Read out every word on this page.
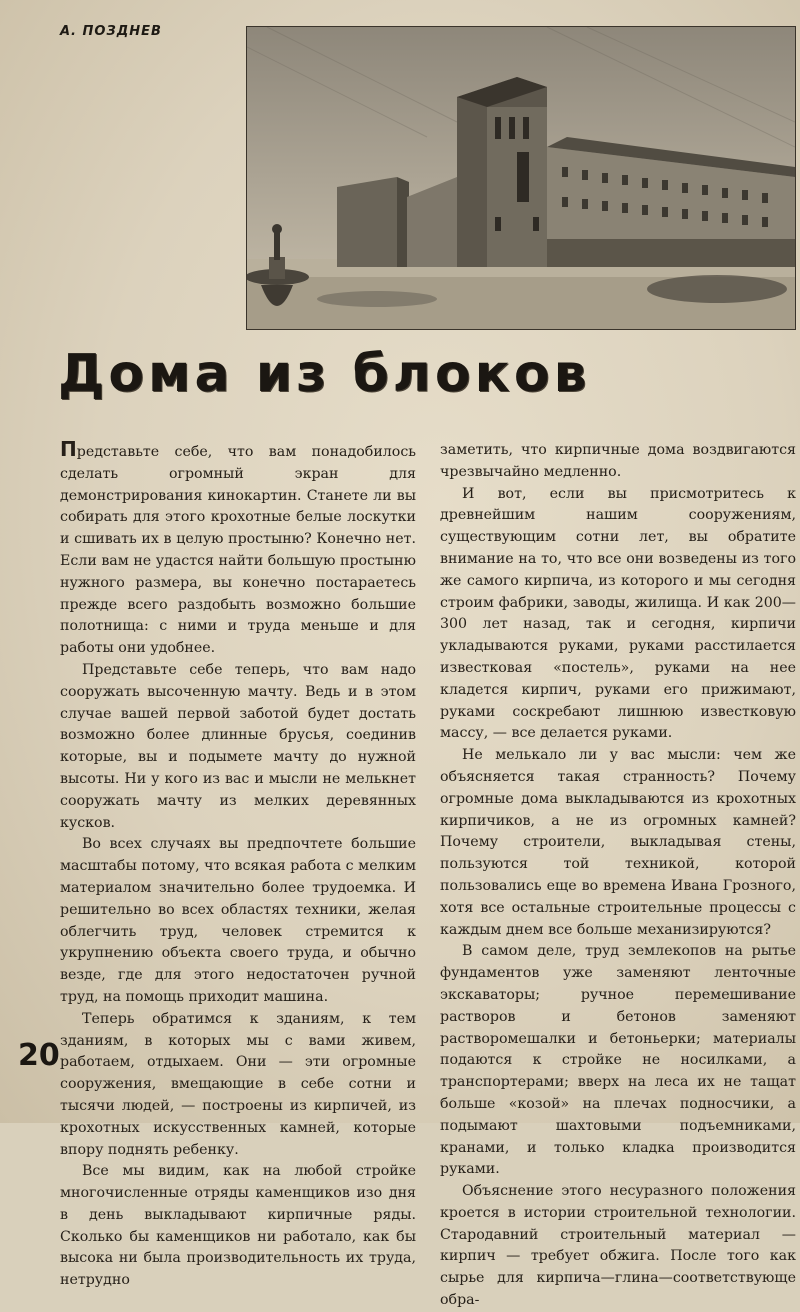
А. ПОЗДНЕВ
Дома из блоков

Представьте себе, что вам понадобилось сделать огромный экран для демонстрирования кинокартин. Станете ли вы собирать для этого крохотные белые лоскутки и сшивать их в целую простыню? Конечно нет. Если вам не удастся найти большую простыню нужного размера, вы конечно постараетесь прежде всего раздобыть возможно большие полотнища: с ними и труда меньше и для работы они удобнее.

Представьте себе теперь, что вам надо сооружать высоченную мачту. Ведь и в этом случае вашей первой заботой будет достать возможно более длинные брусья, соединив которые, вы и подымете мачту до нужной высоты. Ни у кого из вас и мысли не мелькнет сооружать мачту из мелких деревянных кусков.

Во всех случаях вы предпочтете большие масштабы потому, что всякая работа с мелким материалом значительно более трудоемка. И решительно во всех областях техники, желая облегчить труд, человек стремится к укрупнению объекта своего труда, и обычно везде, где для этого недостаточен ручной труд, на помощь приходит машина.

Теперь обратимся к зданиям, к тем зданиям, в которых мы с вами живем, работаем, отдыхаем. Они — эти огромные сооружения, вмещающие в себе сотни и тысячи людей, — построены из кирпичей, из крохотных искусственных камней, которые впору поднять ребенку.

Все мы видим, как на любой стройке многочисленные отряды каменщиков изо дня в день выкладывают кирпичные ряды. Сколько бы каменщиков ни работало, как бы высока ни была производительность их труда, нетрудно

заметить, что кирпичные дома воздвигаются чрезвычайно медленно.

И вот, если вы присмотритесь к древнейшим нашим сооружениям, существующим сотни лет, вы обратите внимание на то, что все они возведены из того же самого кирпича, из которого и мы сегодня строим фабрики, заводы, жилища. И как 200—300 лет назад, так и сегодня, кирпичи укладываются руками, руками расстилается известковая «постель», руками на нее кладется кирпич, руками его прижимают, руками соскребают лишнюю известковую массу, — все делается руками.

Не мелькало ли у вас мысли: чем же объясняется такая странность? Почему огромные дома выкладываются из крохотных кирпичиков, а не из огромных камней? Почему строители, выкладывая стены, пользуются той техникой, которой пользовались еще во времена Ивана Грозного, хотя все остальные строительные процессы с каждым днем все больше механизируются?

В самом деле, труд землекопов на рытье фундаментов уже заменяют ленточные экскаваторы; ручное перемешивание растворов и бетонов заменяют растворомешалки и бетоньерки; материалы подаются к стройке не носилками, а транспортерами; вверх на леса их не тащат больше «козой» на плечах подносчики, а подымают шахтовыми подъемниками, кранами, и только кладка производится руками.

Объяснение этого несуразного положения кроется в истории строительной технологии. Стародавний строительный материал — кирпич — требует обжига. После того как сырье для кирпича—глина—соответствующе обра-

20
